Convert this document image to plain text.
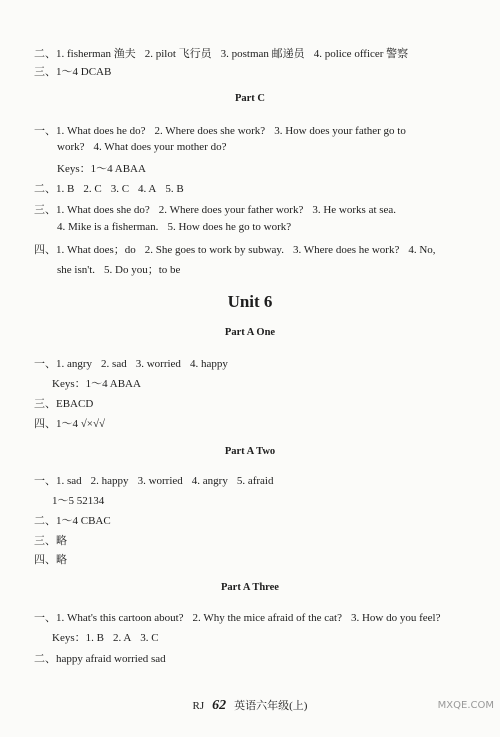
二、1. fisherman 渔夫 2. pilot 飞行员 3. postman 邮递员 4. police officer 警察
三、1～4 DCAB
Part C
一、1. What does he do? 2. Where does she work? 3. How does your father go to
work? 4. What does your mother do?
Keys：1～4 ABAA
二、1. B 2. C 3. C 4. A 5. B
三、1. What does she do? 2. Where does your father work? 3. He works at sea.
4. Mike is a fisherman. 5. How does he go to work?
四、1. What does；do 2. She goes to work by subway. 3. Where does he work? 4. No,
she isn't. 5. Do you；to be
Unit 6
Part A One
一、1. angry 2. sad 3. worried 4. happy
Keys：1～4 ABAA
三、EBACD
四、1～4 √×√√
Part A Two
一、1. sad 2. happy 3. worried 4. angry 5. afraid
1～5 52134
二、1～4 CBAC
三、略
四、略
Part A Three
一、1. What's this cartoon about? 2. Why the mice afraid of the cat? 3. How do you feel?
Keys：1. B 2. A 3. C
二、happy afraid worried sad
RJ 62 英语六年级(上)	MXQE.COM
